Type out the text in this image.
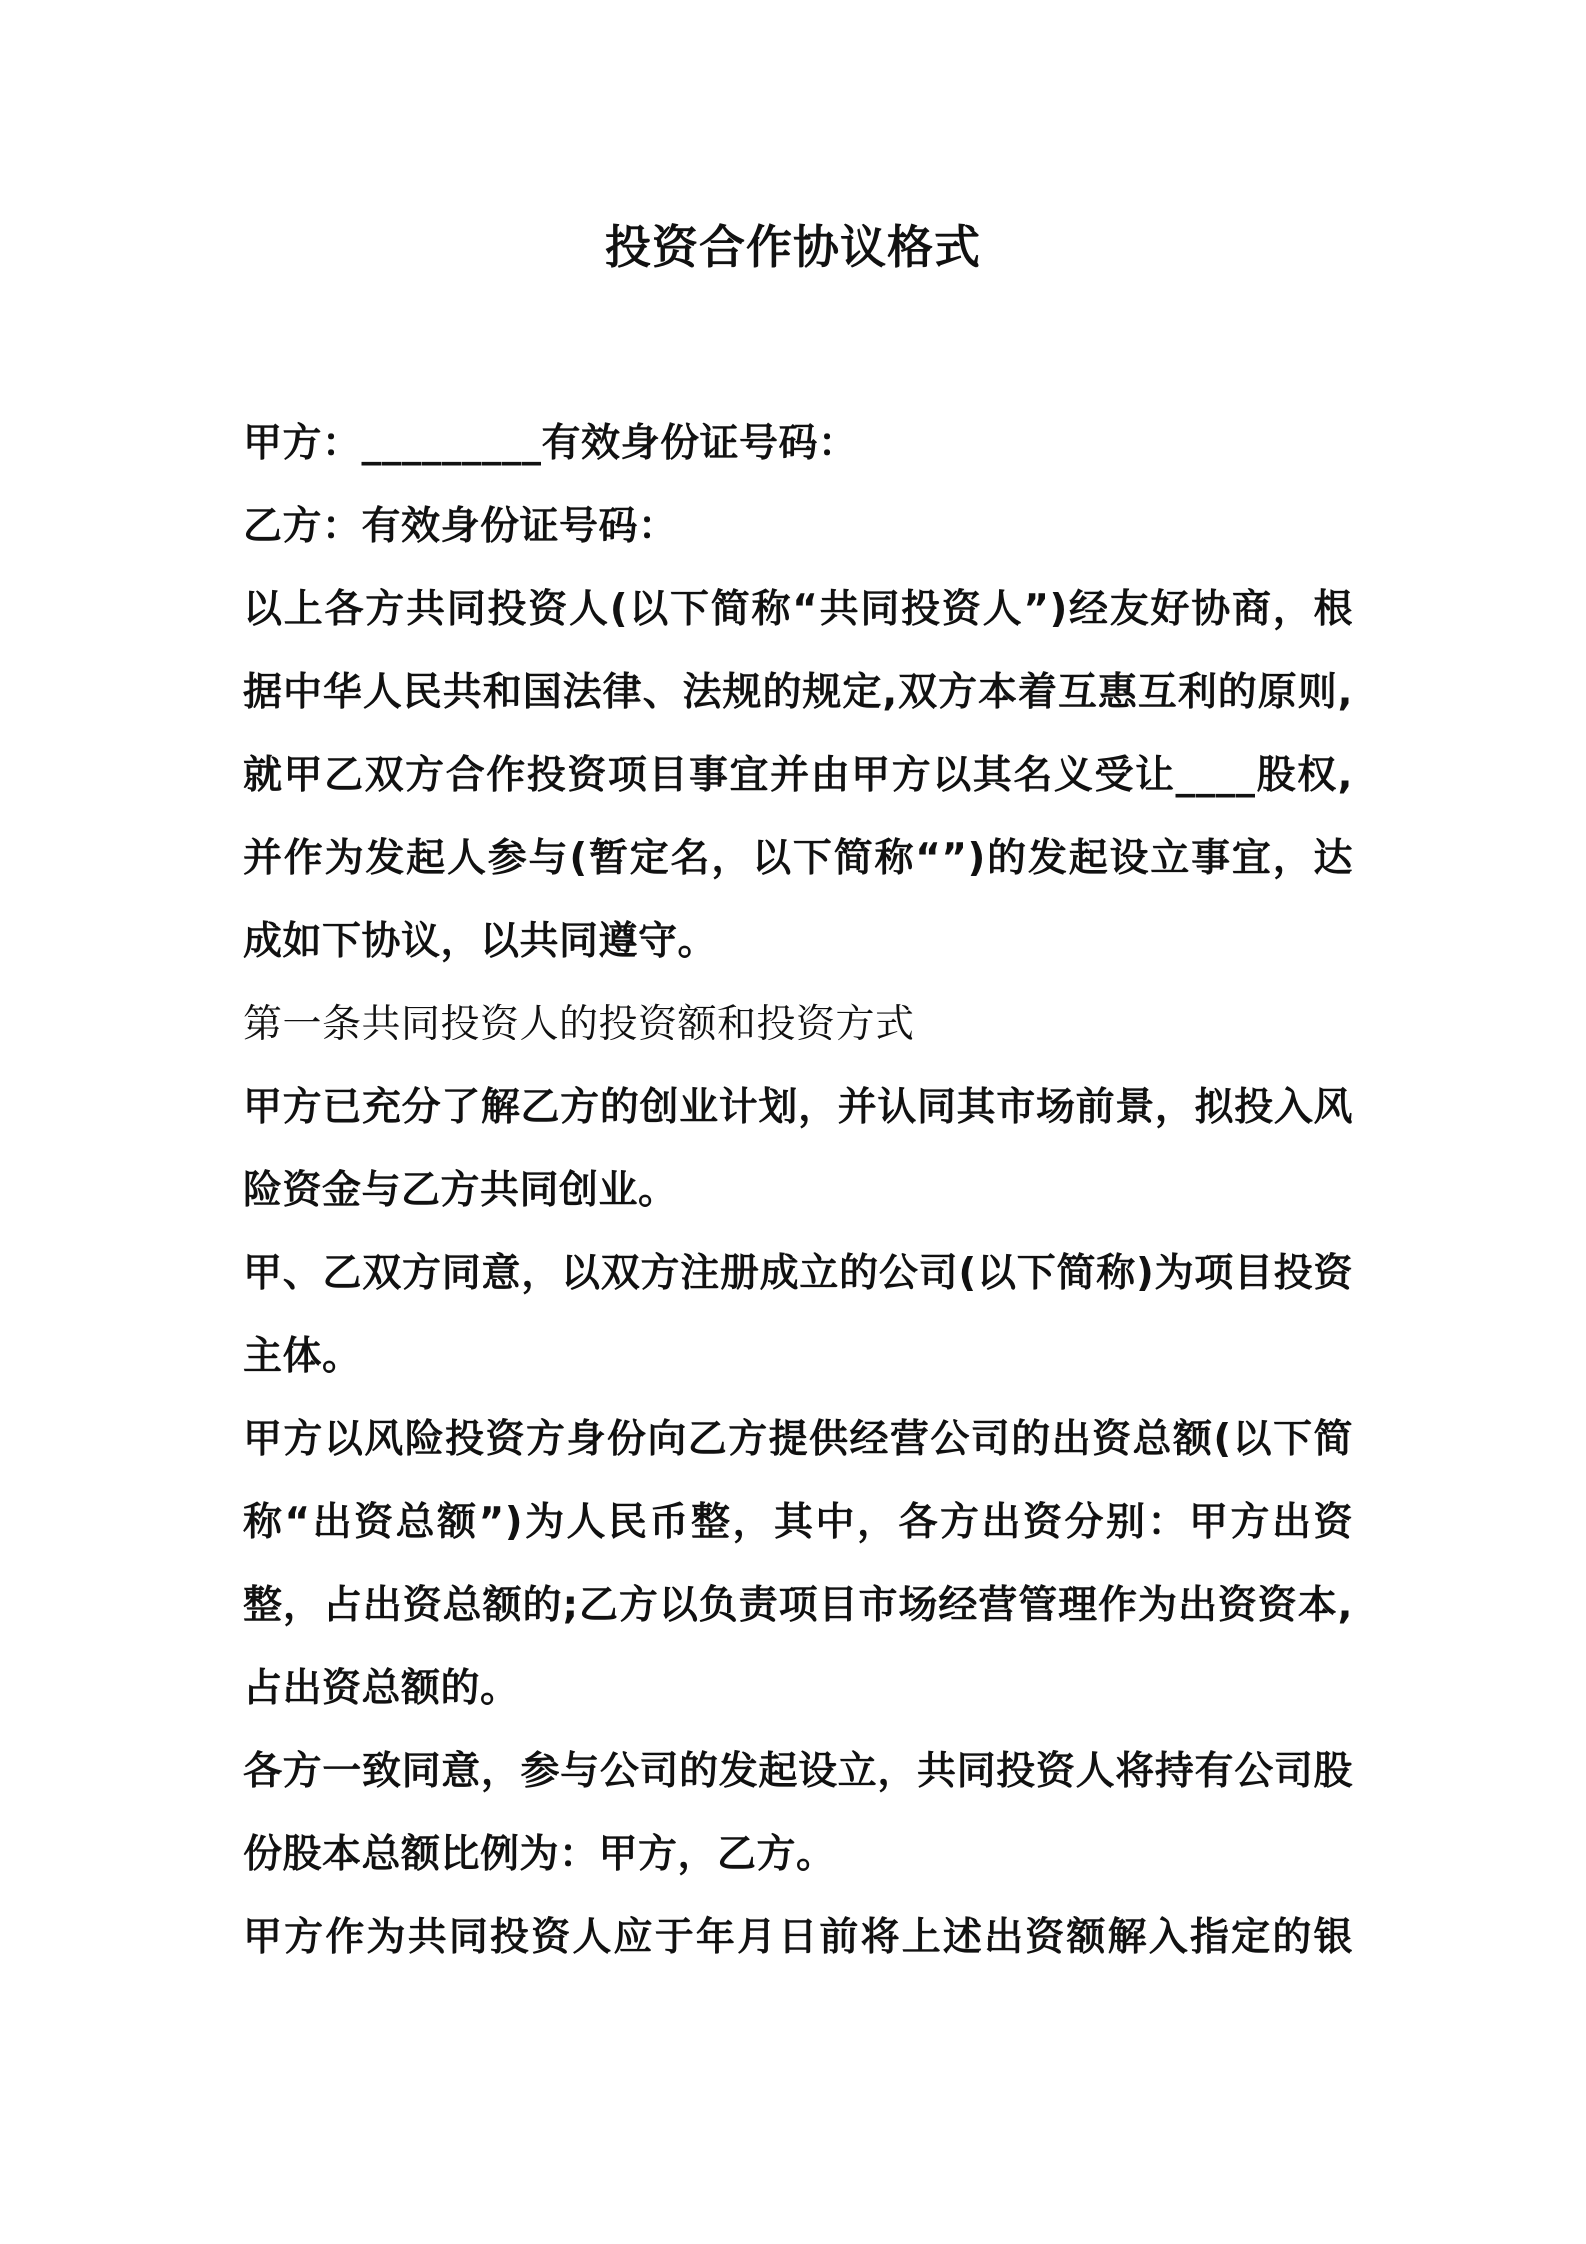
投资合作协议格式
甲方：_________有效身份证号码：
乙方：有效身份证号码：
以上各方共同投资人(以下简称“共同投资人”)经友好协商，根
据中华人民共和国法律、法规的规定,双方本着互惠互利的原则,
就甲乙双方合作投资项目事宜并由甲方以其名义受让____股权,
并作为发起人参与(暂定名，以下简称“”)的发起设立事宜，达
成如下协议，以共同遵守。
第一条共同投资人的投资额和投资方式
甲方已充分了解乙方的创业计划，并认同其市场前景，拟投入风
险资金与乙方共同创业。
甲、乙双方同意，以双方注册成立的公司(以下简称)为项目投资
主体。
甲方以风险投资方身份向乙方提供经营公司的出资总额(以下简
称“出资总额”)为人民币整，其中，各方出资分别：甲方出资
整，占出资总额的;乙方以负责项目市场经营管理作为出资资本,
占出资总额的。
各方一致同意，参与公司的发起设立，共同投资人将持有公司股
份股本总额比例为：甲方，乙方。
甲方作为共同投资人应于年月日前将上述出资额解入指定的银
